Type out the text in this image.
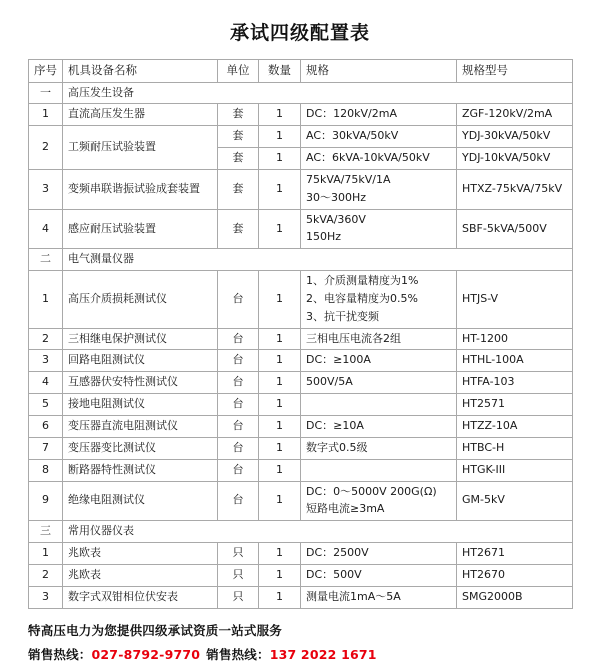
承试四级配置表
序号	机具设备名称	单位	数量	规格	规格型号
一	高压发生设备				
1	直流高压发生器	套	1	DC：120kV/2mA	ZGF-120kV/2mA
2	工频耐压试验装置	套	1	AC：30kVA/50kV	YDJ-30kVA/50kV
		套	1	AC：6kVA-10kVA/50kV	YDJ-10kVA/50kV
3	变频串联谐振试验成套装置	套	1	75kVA/75kV/1A
30～300Hz	HTXZ-75kVA/75kV
4	感应耐压试验装置	套	1	5kVA/360V
150Hz	SBF-5kVA/500V
二	电气测量仪器				
1	高压介质损耗测试仪	台	1	1、介质测量精度为1%
2、电容量精度为0.5%
3、抗干扰变频	HTJS-V
2	三相继电保护测试仪	台	1	三相电压电流各2组	HT-1200
3	回路电阻测试仪	台	1	DC：≥100A	HTHL-100A
4	互感器伏安特性测试仪	台	1	500V/5A	HTFA-103
5	接地电阻测试仪	台	1		HT2571
6	变压器直流电阻测试仪	台	1	DC：≥10A	HTZZ-10A
7	变压器变比测试仪	台	1	数字式0.5级	HTBC-H
8	断路器特性测试仪	台	1		HTGK-III
9	绝缘电阻测试仪	台	1	DC：0～5000V 200G(Ω)
短路电流≥3mA	GM-5kV
三	常用仪器仪表				
1	兆欧表	只	1	DC：2500V	HT2671
2	兆欧表	只	1	DC：500V	HT2670
3	数字式双钳相位伏安表	只	1	测量电流1mA～5A	SMG2000B
特高压电力为您提供四级承试资质一站式服务
销售热线：027-8792-9770 销售热线：137 2022 1671
